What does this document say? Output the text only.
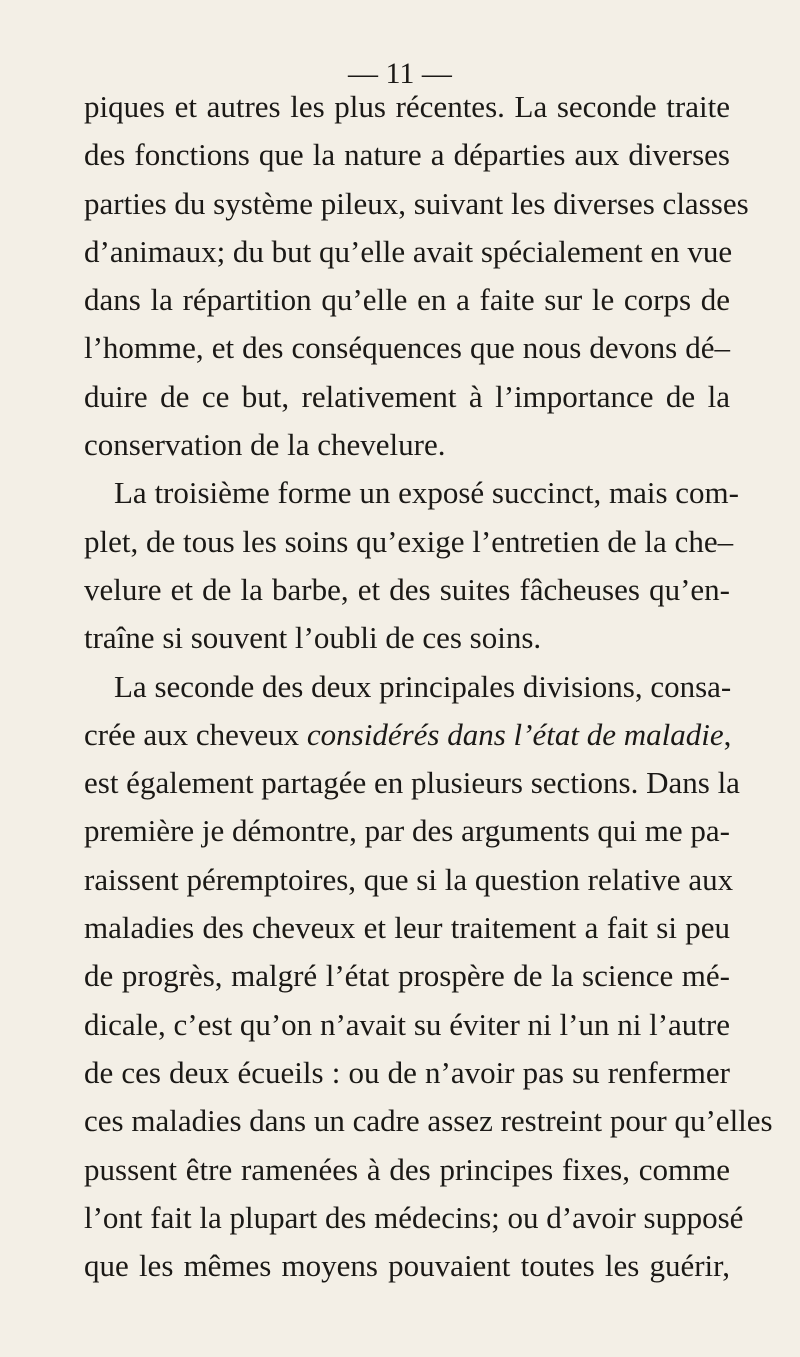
— 11 —
piques et autres les plus récentes. La seconde traite
des fonctions que la nature a départies aux diverses
parties du système pileux, suivant les diverses classes
d’animaux; du but qu’elle avait spécialement en vue
dans la répartition qu’elle en a faite sur le corps de
l’homme, et des conséquences que nous devons dé–
duire de ce but, relativement à l’importance de la
conservation de la chevelure.
La troisième forme un exposé succinct, mais com-
plet, de tous les soins qu’exige l’entretien de la che–
velure et de la barbe, et des suites fâcheuses qu’en-
traîne si souvent l’oubli de ces soins.
La seconde des deux principales divisions, consa-
crée aux cheveux considérés dans l’état de maladie,
est également partagée en plusieurs sections. Dans la
première je démontre, par des arguments qui me pa-
raissent péremptoires, que si la question relative aux
maladies des cheveux et leur traitement a fait si peu
de progrès, malgré l’état prospère de la science mé-
dicale, c’est qu’on n’avait su éviter ni l’un ni l’autre
de ces deux écueils : ou de n’avoir pas su renfermer
ces maladies dans un cadre assez restreint pour qu’elles
pussent être ramenées à des principes fixes, comme
l’ont fait la plupart des médecins; ou d’avoir supposé
que les mêmes moyens pouvaient toutes les guérir,
